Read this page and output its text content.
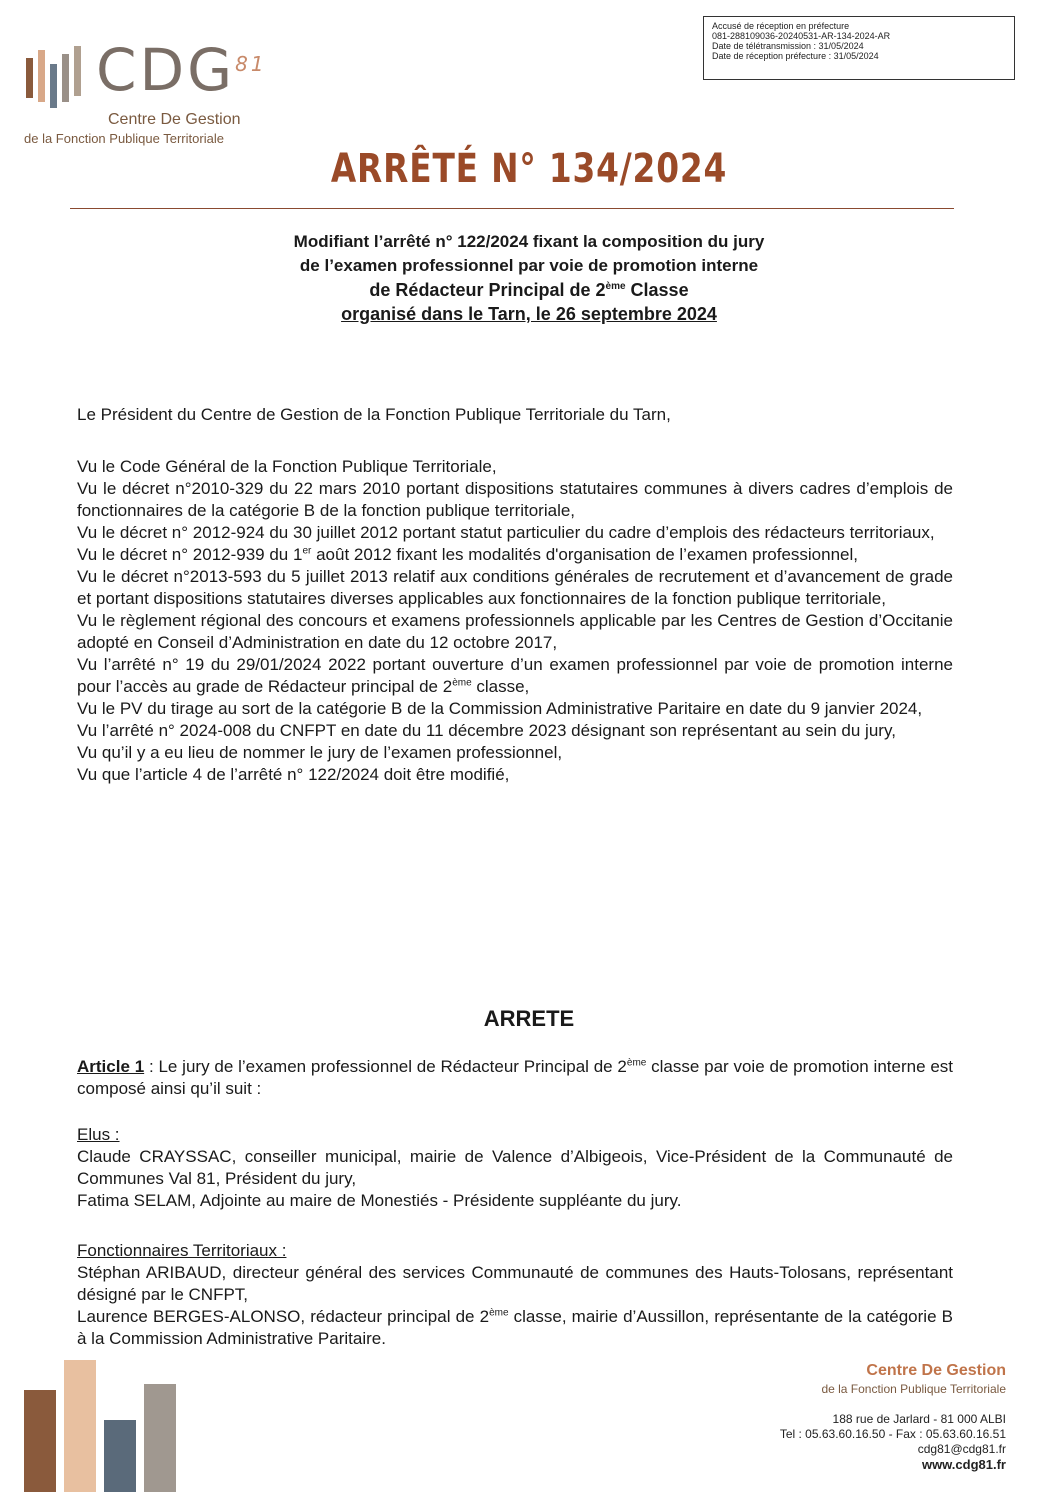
Accusé de réception en préfecture
081-288109036-20240531-AR-134-2024-AR
Date de télétransmission : 31/05/2024
Date de réception préfecture : 31/05/2024
CDG$^{81}$
Centre De Gestion
de la Fonction Publique Territoriale
ARRÊTÉ N° 134/2024
Modifiant l’arrêté n° 122/2024 fixant la composition du jury
de l’examen professionnel par voie de promotion interne
de Rédacteur Principal de 2ème Classe
organisé dans le Tarn, le 26 septembre 2024

Le Président du Centre de Gestion de la Fonction Publique Territoriale du Tarn,

Vu le Code Général de la Fonction Publique Territoriale,

Vu le décret n°2010-329 du 22 mars 2010 portant dispositions statutaires communes à divers cadres d’emplois de fonctionnaires de la catégorie B de la fonction publique territoriale,

Vu le décret n° 2012-924 du 30 juillet 2012 portant statut particulier du cadre d’emplois des rédacteurs territoriaux,

Vu le décret n° 2012-939 du 1er août 2012 fixant les modalités d'organisation de l’examen professionnel,

Vu le décret n°2013-593 du 5 juillet 2013 relatif aux conditions générales de recrutement et d’avancement de grade et portant dispositions statutaires diverses applicables aux fonctionnaires de la fonction publique territoriale,

Vu le règlement régional des concours et examens professionnels applicable par les Centres de Gestion d’Occitanie adopté en Conseil d’Administration en date du 12 octobre 2017,

Vu l’arrêté n° 19 du 29/01/2024 2022 portant ouverture d’un examen professionnel par voie de promotion interne pour l’accès au grade de Rédacteur principal de 2ème classe,

Vu le PV du tirage au sort de la catégorie B de la Commission Administrative Paritaire en date du 9 janvier 2024,

Vu l’arrêté n° 2024-008 du CNFPT en date du 11 décembre 2023 désignant son représentant au sein du jury,

Vu qu’il y a eu lieu de nommer le jury de l’examen professionnel,

Vu que l’article 4 de l’arrêté n° 122/2024 doit être modifié,

ARRETE

Article 1 : Le jury de l’examen professionnel de Rédacteur Principal de 2ème classe par voie de promotion interne est composé ainsi qu’il suit :

Elus :

Claude CRAYSSAC, conseiller municipal, mairie de Valence d’Albigeois, Vice-Président de la Communauté de Communes Val 81, Président du jury,

Fatima SELAM, Adjointe au maire de Monestiés - Présidente suppléante du jury.

Fonctionnaires Territoriaux :

Stéphan ARIBAUD, directeur général des services Communauté de communes des Hauts-Tolosans, représentant désigné par le CNFPT,

Laurence BERGES-ALONSO, rédacteur principal de 2ème classe, mairie d’Aussillon, représentante de la catégorie B à la Commission Administrative Paritaire.

Centre De Gestion
de la Fonction Publique Territoriale
188 rue de Jarlard - 81 000 ALBI
Tel : 05.63.60.16.50 - Fax : 05.63.60.16.51
cdg81@cdg81.fr
www.cdg81.fr
